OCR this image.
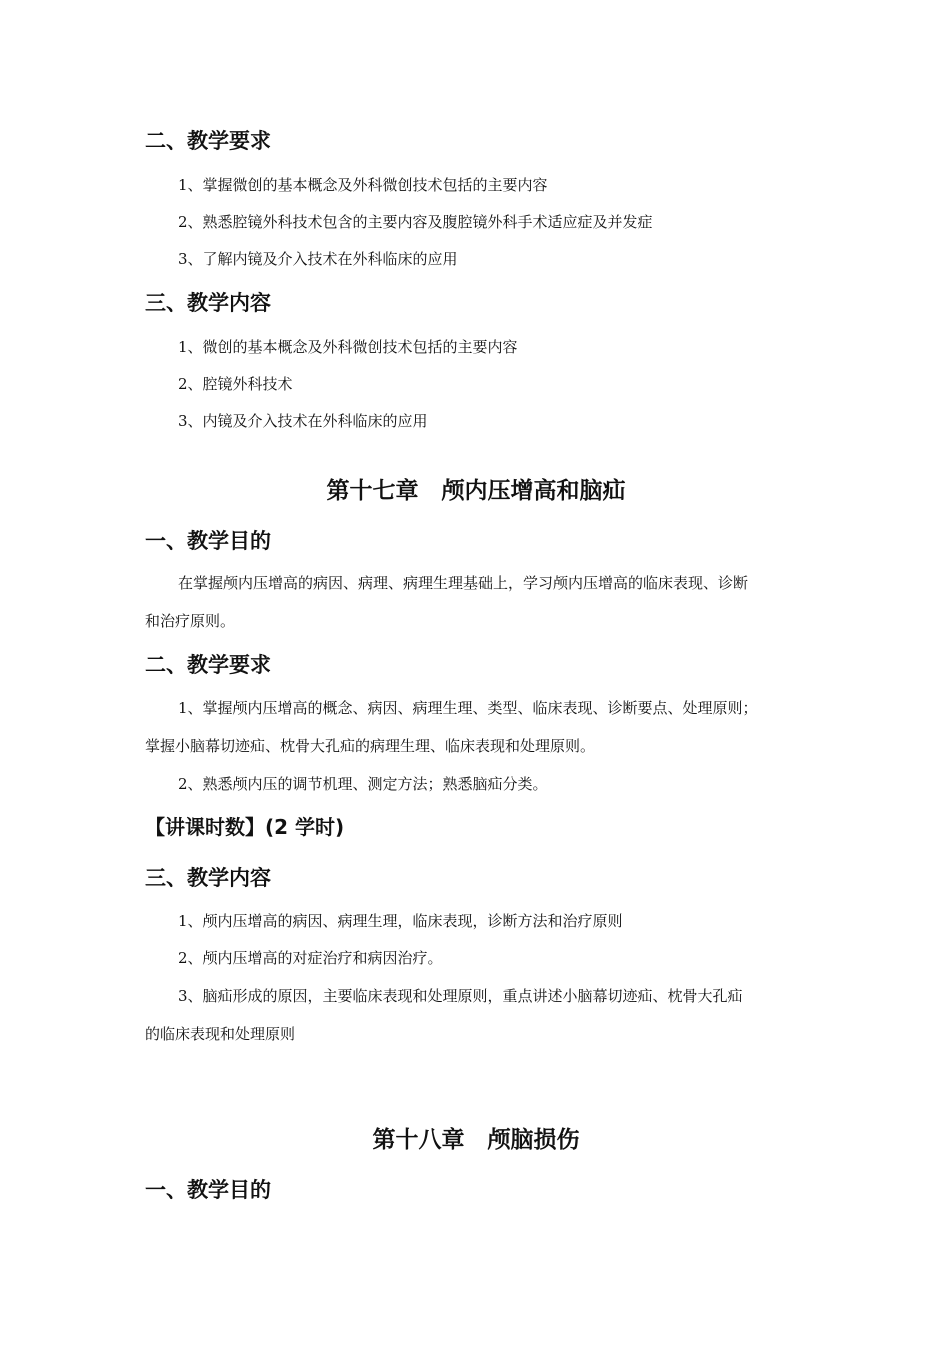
二、教学要求
1、掌握微创的基本概念及外科微创技术包括的主要内容
2、熟悉腔镜外科技术包含的主要内容及腹腔镜外科手术适应症及并发症
3、了解内镜及介入技术在外科临床的应用
三、教学内容
1、微创的基本概念及外科微创技术包括的主要内容
2、腔镜外科技术
3、内镜及介入技术在外科临床的应用
第十七章　颅内压增高和脑疝
一、教学目的
在掌握颅内压增高的病因、病理、病理生理基础上，学习颅内压增高的临床表现、诊断
和治疗原则。
二、教学要求
1、掌握颅内压增高的概念、病因、病理生理、类型、临床表现、诊断要点、处理原则；
掌握小脑幕切迹疝、枕骨大孔疝的病理生理、临床表现和处理原则。
2、熟悉颅内压的调节机理、测定方法；熟悉脑疝分类。
【讲课时数】(2 学时)
三、教学内容
1、颅内压增高的病因、病理生理，临床表现，诊断方法和治疗原则
2、颅内压增高的对症治疗和病因治疗。
3、脑疝形成的原因，主要临床表现和处理原则，重点讲述小脑幕切迹疝、枕骨大孔疝
的临床表现和处理原则
第十八章　颅脑损伤
一、教学目的
